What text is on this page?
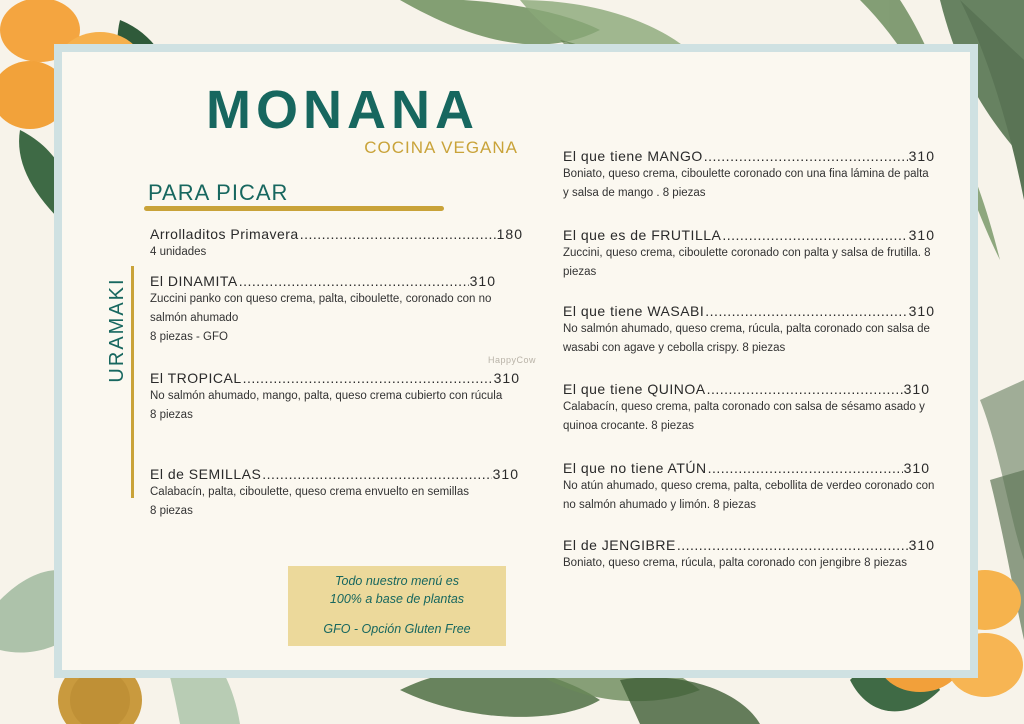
MONANA
COCINA VEGANA
PARA PICAR
URAMAKI
Arrolladitos Primavera .....	180
4 unidades
El DINAMITA .....	310
Zuccini panko con queso crema, palta, ciboulette, coronado con no salmón ahumado
8 piezas - GFO
El TROPICAL .....	310
No salmón ahumado, mango, palta, queso crema cubierto con rúcula
8 piezas
El de SEMILLAS .....	310
Calabacín, palta, ciboulette, queso crema envuelto en semillas
8 piezas
El que tiene MANGO .....	310
Boniato, queso crema, ciboulette coronado con una fina lámina de palta y salsa de mango . 8 piezas
El que es de FRUTILLA .....	310
Zuccini, queso crema, ciboulette coronado con palta y salsa de frutilla. 8 piezas
El que tiene WASABI .....	310
No salmón ahumado, queso crema, rúcula, palta coronado con salsa de wasabi con agave y cebolla crispy. 8 piezas
El que tiene QUINOA .....	310
Calabacín, queso crema, palta coronado con salsa de sésamo asado y quinoa crocante. 8 piezas
El que no tiene ATÚN .....	310
No atún ahumado, queso crema, palta, cebollita de verdeo coronado con no salmón ahumado y limón. 8 piezas
El de JENGIBRE .....	310
Boniato, queso crema, rúcula, palta coronado con jengibre 8 piezas
HappyCow
Todo nuestro menú es
100% a base de plantas
GFO - Opción Gluten Free
